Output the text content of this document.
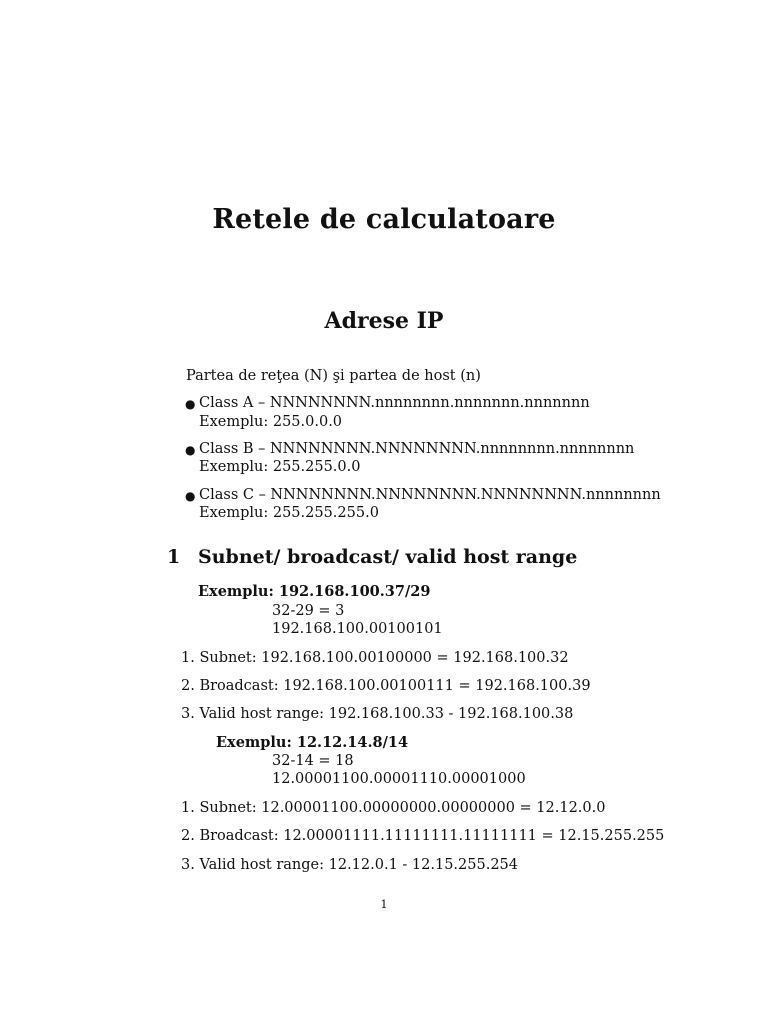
Retele de calculatoare
Adrese IP
Partea de reţea (N) şi partea de host (n)
● Class A – NNNNNNNN.nnnnnnnn.nnnnnnn.nnnnnnn
Exemplu: 255.0.0.0
● Class B – NNNNNNNN.NNNNNNNN.nnnnnnnn.nnnnnnnn
Exemplu: 255.255.0.0
● Class C – NNNNNNNN.NNNNNNNN.NNNNNNNN.nnnnnnnn
Exemplu: 255.255.255.0
1 Subnet/ broadcast/ valid host range
Exemplu: 192.168.100.37/29
32-29 = 3
192.168.100.00100101
1. Subnet: 192.168.100.00100000 = 192.168.100.32
2. Broadcast: 192.168.100.00100111 = 192.168.100.39
3. Valid host range: 192.168.100.33 - 192.168.100.38
Exemplu: 12.12.14.8/14
32-14 = 18
12.00001100.00001110.00001000
1. Subnet: 12.00001100.00000000.00000000 = 12.12.0.0
2. Broadcast: 12.00001111.11111111.11111111 = 12.15.255.255
3. Valid host range: 12.12.0.1 - 12.15.255.254
1
